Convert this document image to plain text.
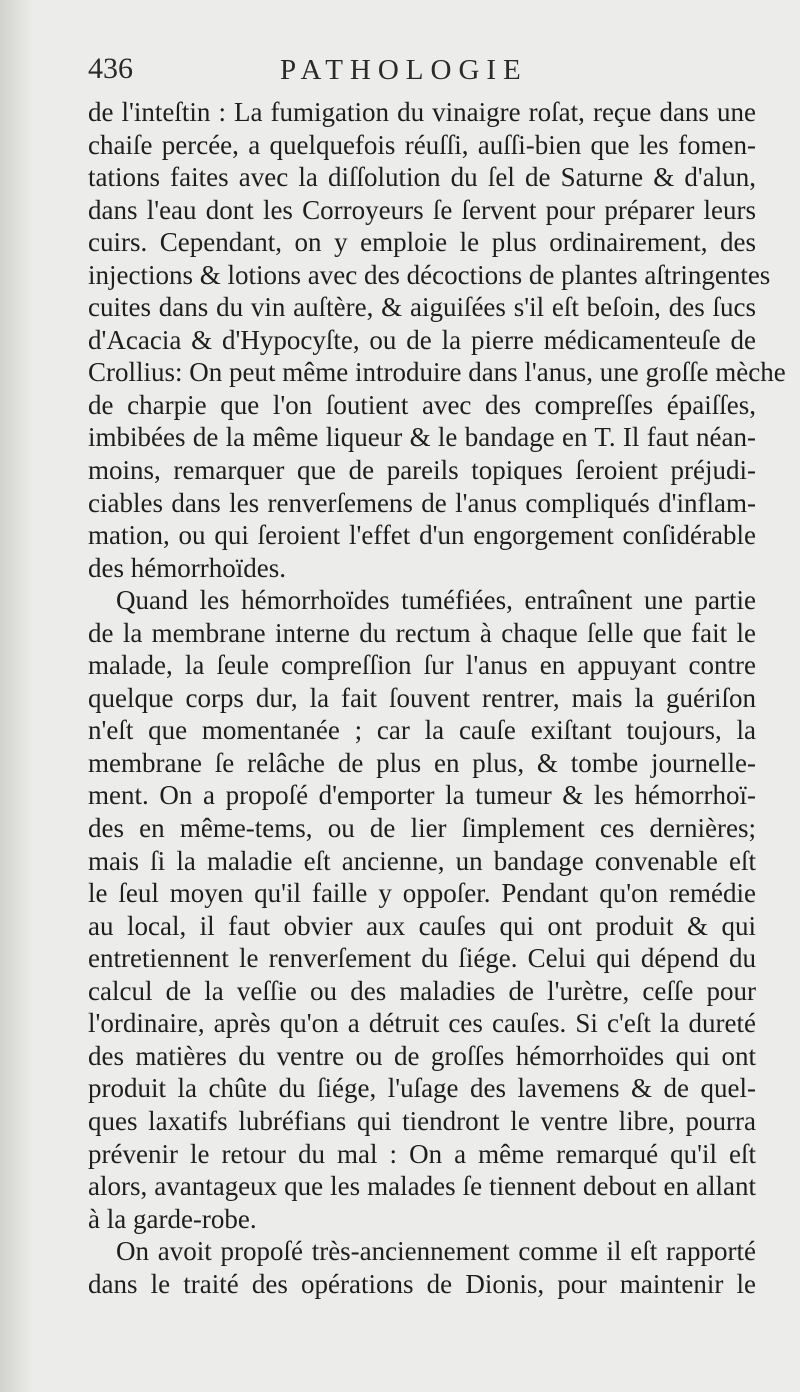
436	PATHOLOGIE
de l'inteſtin : La fumigation du vinaigre roſat, reçue dans une
chaiſe percée, a quelquefois réuſſi, auſſi-bien que les fomen-
tations faites avec la diſſolution du ſel de Saturne & d'alun,
dans l'eau dont les Corroyeurs ſe ſervent pour préparer leurs
cuirs. Cependant, on y emploie le plus ordinairement, des
injections & lotions avec des décoctions de plantes aſtringentes
cuites dans du vin auſtère, & aiguiſées s'il eſt beſoin, des ſucs
d'Acacia & d'Hypocyſte, ou de la pierre médicamenteuſe de
Crollius: On peut même introduire dans l'anus, une groſſe mèche
de charpie que l'on ſoutient avec des compreſſes épaiſſes,
imbibées de la même liqueur & le bandage en T. Il faut néan-
moins, remarquer que de pareils topiques ſeroient préjudi-
ciables dans les renverſemens de l'anus compliqués d'inflam-
mation, ou qui ſeroient l'effet d'un engorgement conſidérable
des hémorrhoïdes.
Quand les hémorrhoïdes tuméfiées, entraînent une partie
de la membrane interne du rectum à chaque ſelle que fait le
malade, la ſeule compreſſion ſur l'anus en appuyant contre
quelque corps dur, la fait ſouvent rentrer, mais la guériſon
n'eſt que momentanée ; car la cauſe exiſtant toujours, la
membrane ſe relâche de plus en plus, & tombe journelle-
ment. On a propoſé d'emporter la tumeur & les hémorrhoï-
des en même-tems, ou de lier ſimplement ces dernières;
mais ſi la maladie eſt ancienne, un bandage convenable eſt
le ſeul moyen qu'il faille y oppoſer. Pendant qu'on remédie
au local, il faut obvier aux cauſes qui ont produit & qui
entretiennent le renverſement du ſiége. Celui qui dépend du
calcul de la veſſie ou des maladies de l'urètre, ceſſe pour
l'ordinaire, après qu'on a détruit ces cauſes. Si c'eſt la dureté
des matières du ventre ou de groſſes hémorrhoïdes qui ont
produit la chûte du ſiége, l'uſage des lavemens & de quel-
ques laxatifs lubréfians qui tiendront le ventre libre, pourra
prévenir le retour du mal : On a même remarqué qu'il eſt
alors, avantageux que les malades ſe tiennent debout en allant
à la garde-robe.
On avoit propoſé très-anciennement comme il eſt rapporté
dans le traité des opérations de Dionis, pour maintenir le
